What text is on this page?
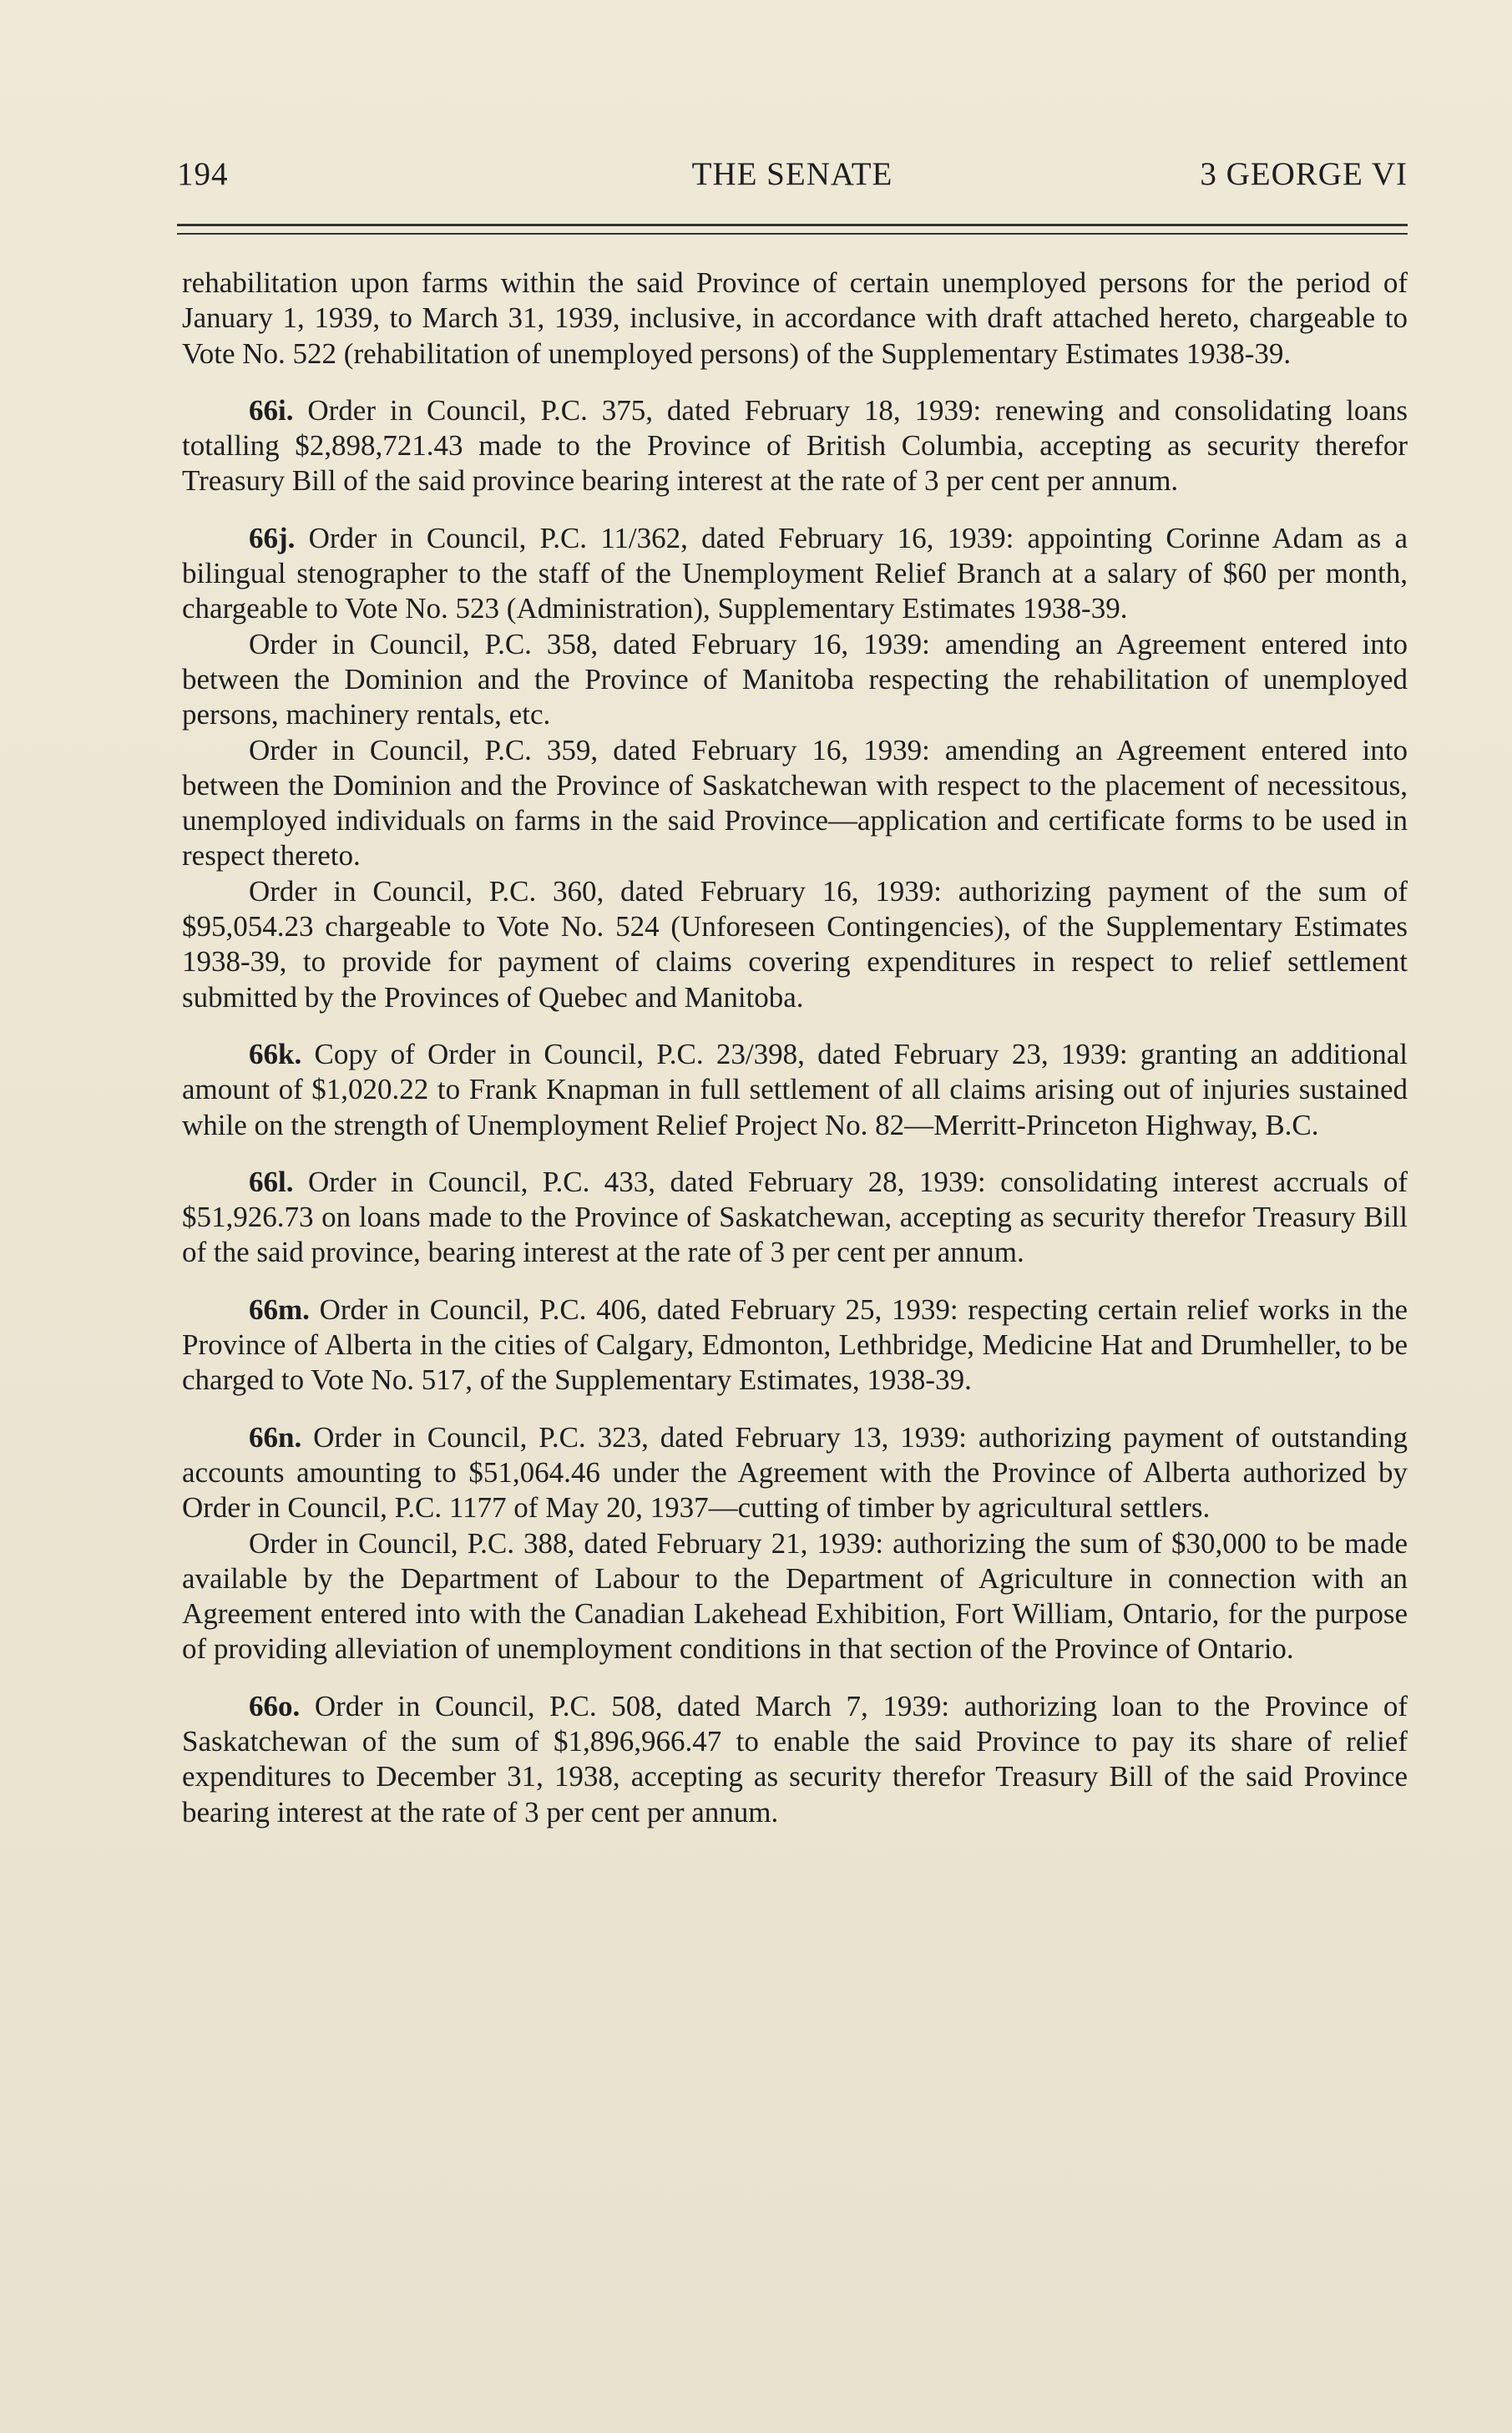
194	THE SENATE	3 GEORGE VI

rehabilitation upon farms within the said Province of certain unemployed persons for the period of January 1, 1939, to March 31, 1939, inclusive, in accordance with draft attached hereto, chargeable to Vote No. 522 (rehabilitation of unemployed persons) of the Supplementary Estimates 1938-39.

66i. Order in Council, P.C. 375, dated February 18, 1939: renewing and consolidating loans totalling $2,898,721.43 made to the Province of British Columbia, accepting as security therefor Treasury Bill of the said province bearing interest at the rate of 3 per cent per annum.

66j. Order in Council, P.C. 11/362, dated February 16, 1939: appointing Corinne Adam as a bilingual stenographer to the staff of the Unemployment Relief Branch at a salary of $60 per month, chargeable to Vote No. 523 (Administration), Supplementary Estimates 1938-39.

Order in Council, P.C. 358, dated February 16, 1939: amending an Agreement entered into between the Dominion and the Province of Manitoba respecting the rehabilitation of unemployed persons, machinery rentals, etc.

Order in Council, P.C. 359, dated February 16, 1939: amending an Agreement entered into between the Dominion and the Province of Saskatchewan with respect to the placement of necessitous, unemployed individuals on farms in the said Province—application and certificate forms to be used in respect thereto.

Order in Council, P.C. 360, dated February 16, 1939: authorizing payment of the sum of $95,054.23 chargeable to Vote No. 524 (Unforeseen Contingencies), of the Supplementary Estimates 1938-39, to provide for payment of claims covering expenditures in respect to relief settlement submitted by the Provinces of Quebec and Manitoba.

66k. Copy of Order in Council, P.C. 23/398, dated February 23, 1939: granting an additional amount of $1,020.22 to Frank Knapman in full settlement of all claims arising out of injuries sustained while on the strength of Unemployment Relief Project No. 82—Merritt-Princeton Highway, B.C.

66l. Order in Council, P.C. 433, dated February 28, 1939: consolidating interest accruals of $51,926.73 on loans made to the Province of Saskatchewan, accepting as security therefor Treasury Bill of the said province, bearing interest at the rate of 3 per cent per annum.

66m. Order in Council, P.C. 406, dated February 25, 1939: respecting certain relief works in the Province of Alberta in the cities of Calgary, Edmonton, Lethbridge, Medicine Hat and Drumheller, to be charged to Vote No. 517, of the Supplementary Estimates, 1938-39.

66n. Order in Council, P.C. 323, dated February 13, 1939: authorizing payment of outstanding accounts amounting to $51,064.46 under the Agreement with the Province of Alberta authorized by Order in Council, P.C. 1177 of May 20, 1937—cutting of timber by agricultural settlers.

Order in Council, P.C. 388, dated February 21, 1939: authorizing the sum of $30,000 to be made available by the Department of Labour to the Department of Agriculture in connection with an Agreement entered into with the Canadian Lakehead Exhibition, Fort William, Ontario, for the purpose of providing alleviation of unemployment conditions in that section of the Province of Ontario.

66o. Order in Council, P.C. 508, dated March 7, 1939: authorizing loan to the Province of Saskatchewan of the sum of $1,896,966.47 to enable the said Province to pay its share of relief expenditures to December 31, 1938, accepting as security therefor Treasury Bill of the said Province bearing interest at the rate of 3 per cent per annum.
